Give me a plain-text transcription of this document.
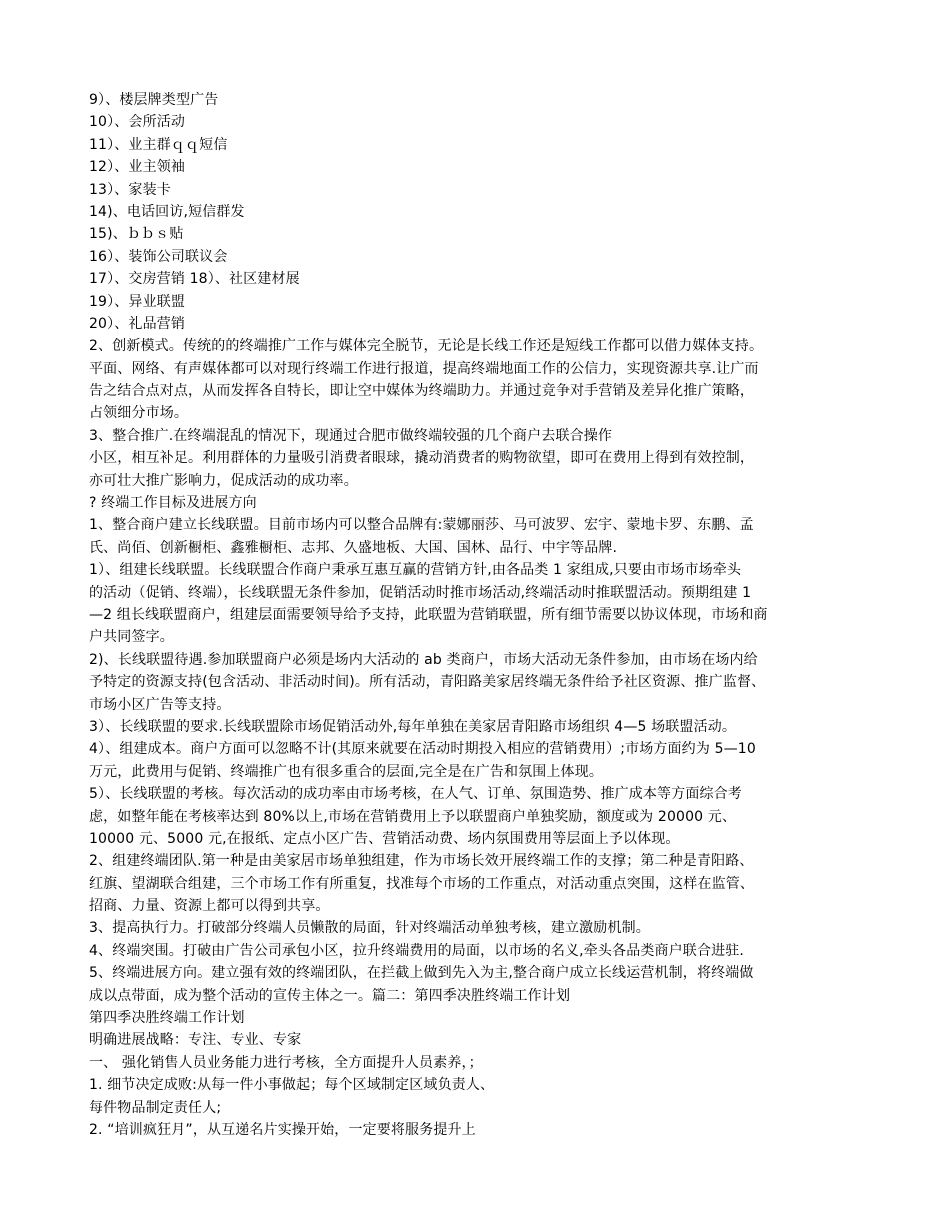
9）、楼层牌类型广告
10）、会所活动
11）、业主群ｑｑ短信
12）、业主领袖
13）、家装卡
14)、电话回访,短信群发
15)、ｂｂｓ贴
16）、装饰公司联议会
17）、交房营销 18）、社区建材展
19）、异业联盟
20）、礼品营销
2、创新模式。传统的的终端推广工作与媒体完全脱节，无论是长线工作还是短线工作都可以借力媒体支持。
平面、网络、有声媒体都可以对现行终端工作进行报道，提高终端地面工作的公信力，实现资源共享.让广而
告之结合点对点，从而发挥各自特长，即让空中媒体为终端助力。并通过竞争对手营销及差异化推广策略，
占领细分市场。
3、整合推广.在终端混乱的情况下，现通过合肥市做终端较强的几个商户去联合操作
小区，相互补足。利用群体的力量吸引消费者眼球，撬动消费者的购物欲望，即可在费用上得到有效控制，
亦可壮大推广影响力，促成活动的成功率。
? 终端工作目标及进展方向
1、整合商户建立长线联盟。目前市场内可以整合品牌有:蒙娜丽莎、马可波罗、宏宇、蒙地卡罗、东鹏、孟
氏、尚佰、创新橱柜、鑫雅橱柜、志邦、久盛地板、大国、国林、品行、中宇等品牌.
1）、组建长线联盟。长线联盟合作商户秉承互惠互赢的营销方针,由各品类 1 家组成,只要由市场市场牵头
的活动（促销、终端），长线联盟无条件参加，促销活动时推市场活动,终端活动时推联盟活动。预期组建 1
—2 组长线联盟商户，组建层面需要领导给予支持，此联盟为营销联盟，所有细节需要以协议体现，市场和商
户共同签字。
2)、长线联盟待遇.参加联盟商户必须是场内大活动的 ab 类商户，市场大活动无条件参加，由市场在场内给
予特定的资源支持(包含活动、非活动时间)。所有活动，青阳路美家居终端无条件给予社区资源、推广监督、
市场小区广告等支持。
3）、长线联盟的要求.长线联盟除市场促销活动外,每年单独在美家居青阳路市场组织 4—5 场联盟活动。
4）、组建成本。商户方面可以忽略不计(其原来就要在活动时期投入相应的营销费用）;市场方面约为 5—10
万元，此费用与促销、终端推广也有很多重合的层面,完全是在广告和氛围上体现。
5）、长线联盟的考核。每次活动的成功率由市场考核，在人气、订单、氛围造势、推广成本等方面综合考
虑，如整年能在考核率达到 80%以上,市场在营销费用上予以联盟商户单独奖励，额度或为 20000 元、
10000 元、5000 元,在报纸、定点小区广告、营销活动费、场内氛围费用等层面上予以体现。
2、组建终端团队.第一种是由美家居市场单独组建，作为市场长效开展终端工作的支撑；第二种是青阳路、
红旗、望湖联合组建，三个市场工作有所重复，找准每个市场的工作重点，对活动重点突围，这样在监管、
招商、力量、资源上都可以得到共享。
3、提高执行力。打破部分终端人员懒散的局面，针对终端活动单独考核，建立激励机制。
4、终端突围。打破由广告公司承包小区，拉升终端费用的局面，以市场的名义,牵头各品类商户联合进驻.
5、终端进展方向。建立强有效的终端团队，在拦截上做到先入为主,整合商户成立长线运营机制，将终端做
成以点带面，成为整个活动的宣传主体之一。篇二：第四季决胜终端工作计划
第四季决胜终端工作计划
明确进展战略：专注、专业、专家
一、 强化销售人员业务能力进行考核，全方面提升人员素养，；
1. 细节决定成败:从每一件小事做起；每个区域制定区域负责人、
每件物品制定责任人;
2. “培训疯狂月”，从互递名片实操开始，一定要将服务提升上
